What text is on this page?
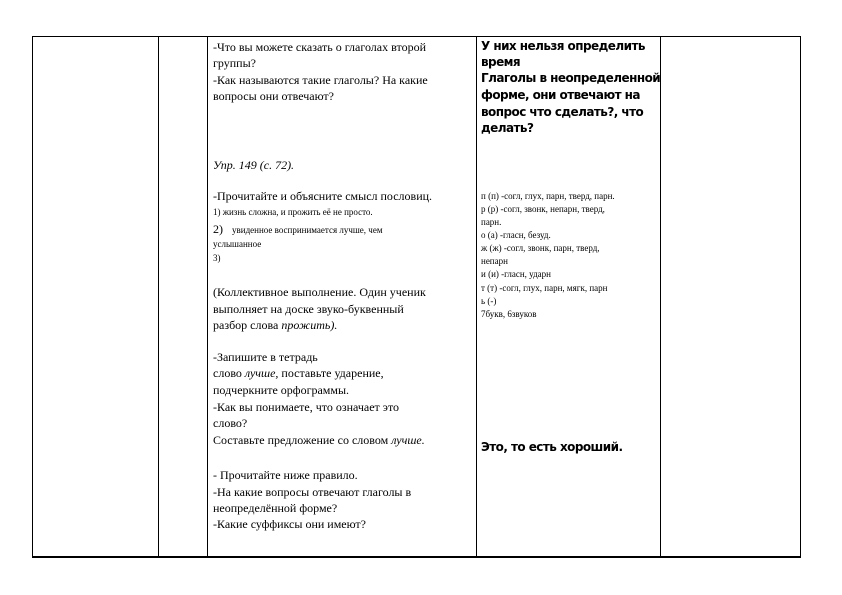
-Что вы можете сказать о глаголах второй
группы?
-Как называются такие глаголы? На какие
вопросы они отвечают?
Упр. 149 (с. 72).
-Прочитайте и объясните смысл пословиц.
1) жизнь сложна, и прожить её не просто.
2) увиденное воспринимается лучше, чем
услышанное
3)
(Коллективное выполнение. Один ученик
выполняет на доске звуко-буквенный
разбор слова прожить).
-Запишите в тетрадь
слово лучше, поставьте ударение,
подчеркните орфограммы.
-Как вы понимаете, что означает это
слово?
Составьте предложение со словом лучше.
- Прочитайте ниже правило.
-На какие вопросы отвечают глаголы в
неопределённой форме?
-Какие суффиксы они имеют?
У них нельзя определить
время
Глаголы в неопределенной
форме, они отвечают на
вопрос что сделать?, что
делать?
п (п) -согл, глух, парн, тверд, парн.
р (р) -согл, звонк, непарн, тверд,
парн.
о (а) -гласн, безуд.
ж (ж) -согл, звонк, парн, тверд,
непарн
и (и) -гласн, ударн
т (т) -согл, глух, парн, мягк, парн
ь (-)
7букв, 6звуков
Это, то есть хороший.
